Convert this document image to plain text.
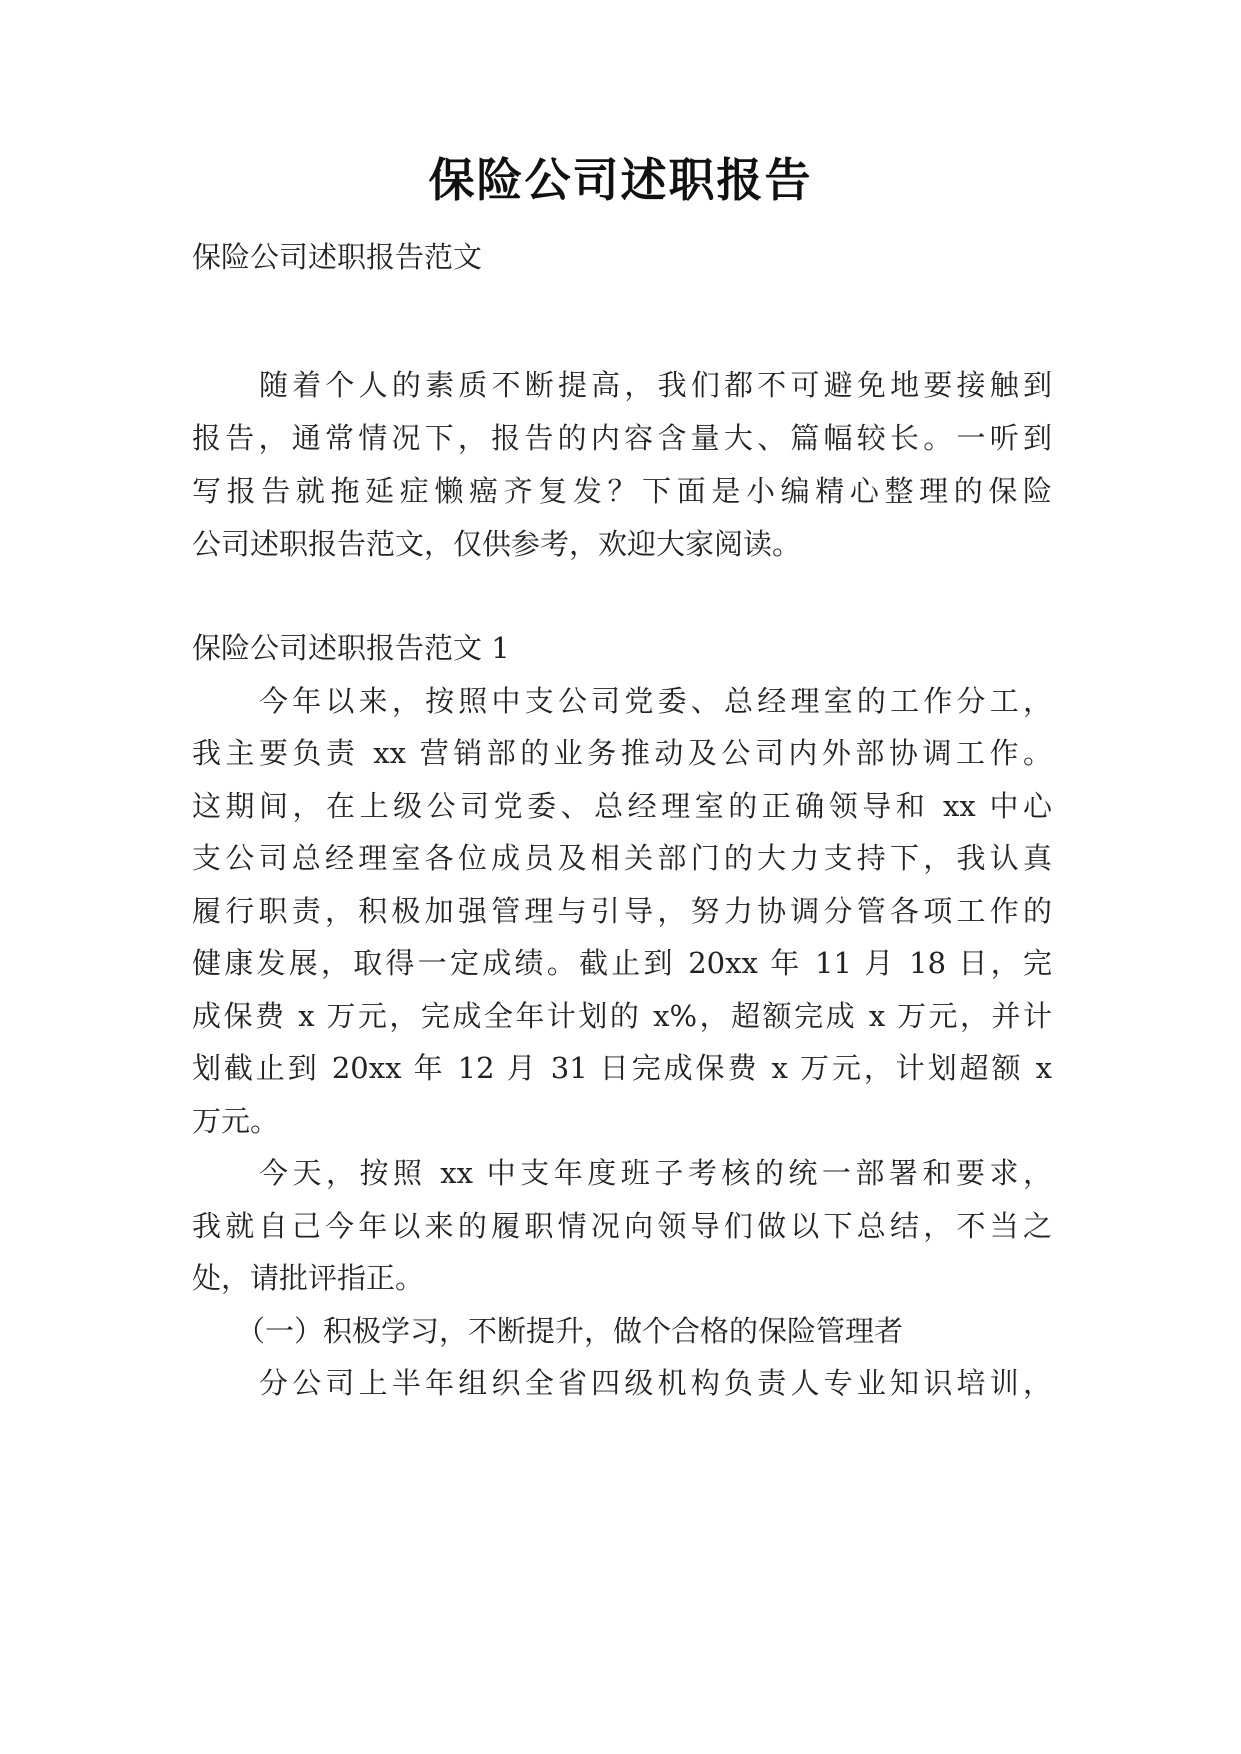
保险公司述职报告
保险公司述职报告范文
随着个人的素质不断提高，我们都不可避免地要接触到
报告，通常情况下，报告的内容含量大、篇幅较长。一听到
写报告就拖延症懒癌齐复发？下面是小编精心整理的保险
公司述职报告范文，仅供参考，欢迎大家阅读。
保险公司述职报告范文 1
今年以来，按照中支公司党委、总经理室的工作分工，
我主要负责 xx 营销部的业务推动及公司内外部协调工作。
这期间，在上级公司党委、总经理室的正确领导和 xx 中心
支公司总经理室各位成员及相关部门的大力支持下，我认真
履行职责，积极加强管理与引导，努力协调分管各项工作的
健康发展，取得一定成绩。截止到 20xx 年 11 月 18 日，完
成保费 x 万元，完成全年计划的 x%，超额完成 x 万元，并计
划截止到 20xx 年 12 月 31 日完成保费 x 万元，计划超额 x
万元。
今天，按照 xx 中支年度班子考核的统一部署和要求，
我就自己今年以来的履职情况向领导们做以下总结，不当之
处，请批评指正。
（一）积极学习，不断提升，做个合格的保险管理者
分公司上半年组织全省四级机构负责人专业知识培训，
